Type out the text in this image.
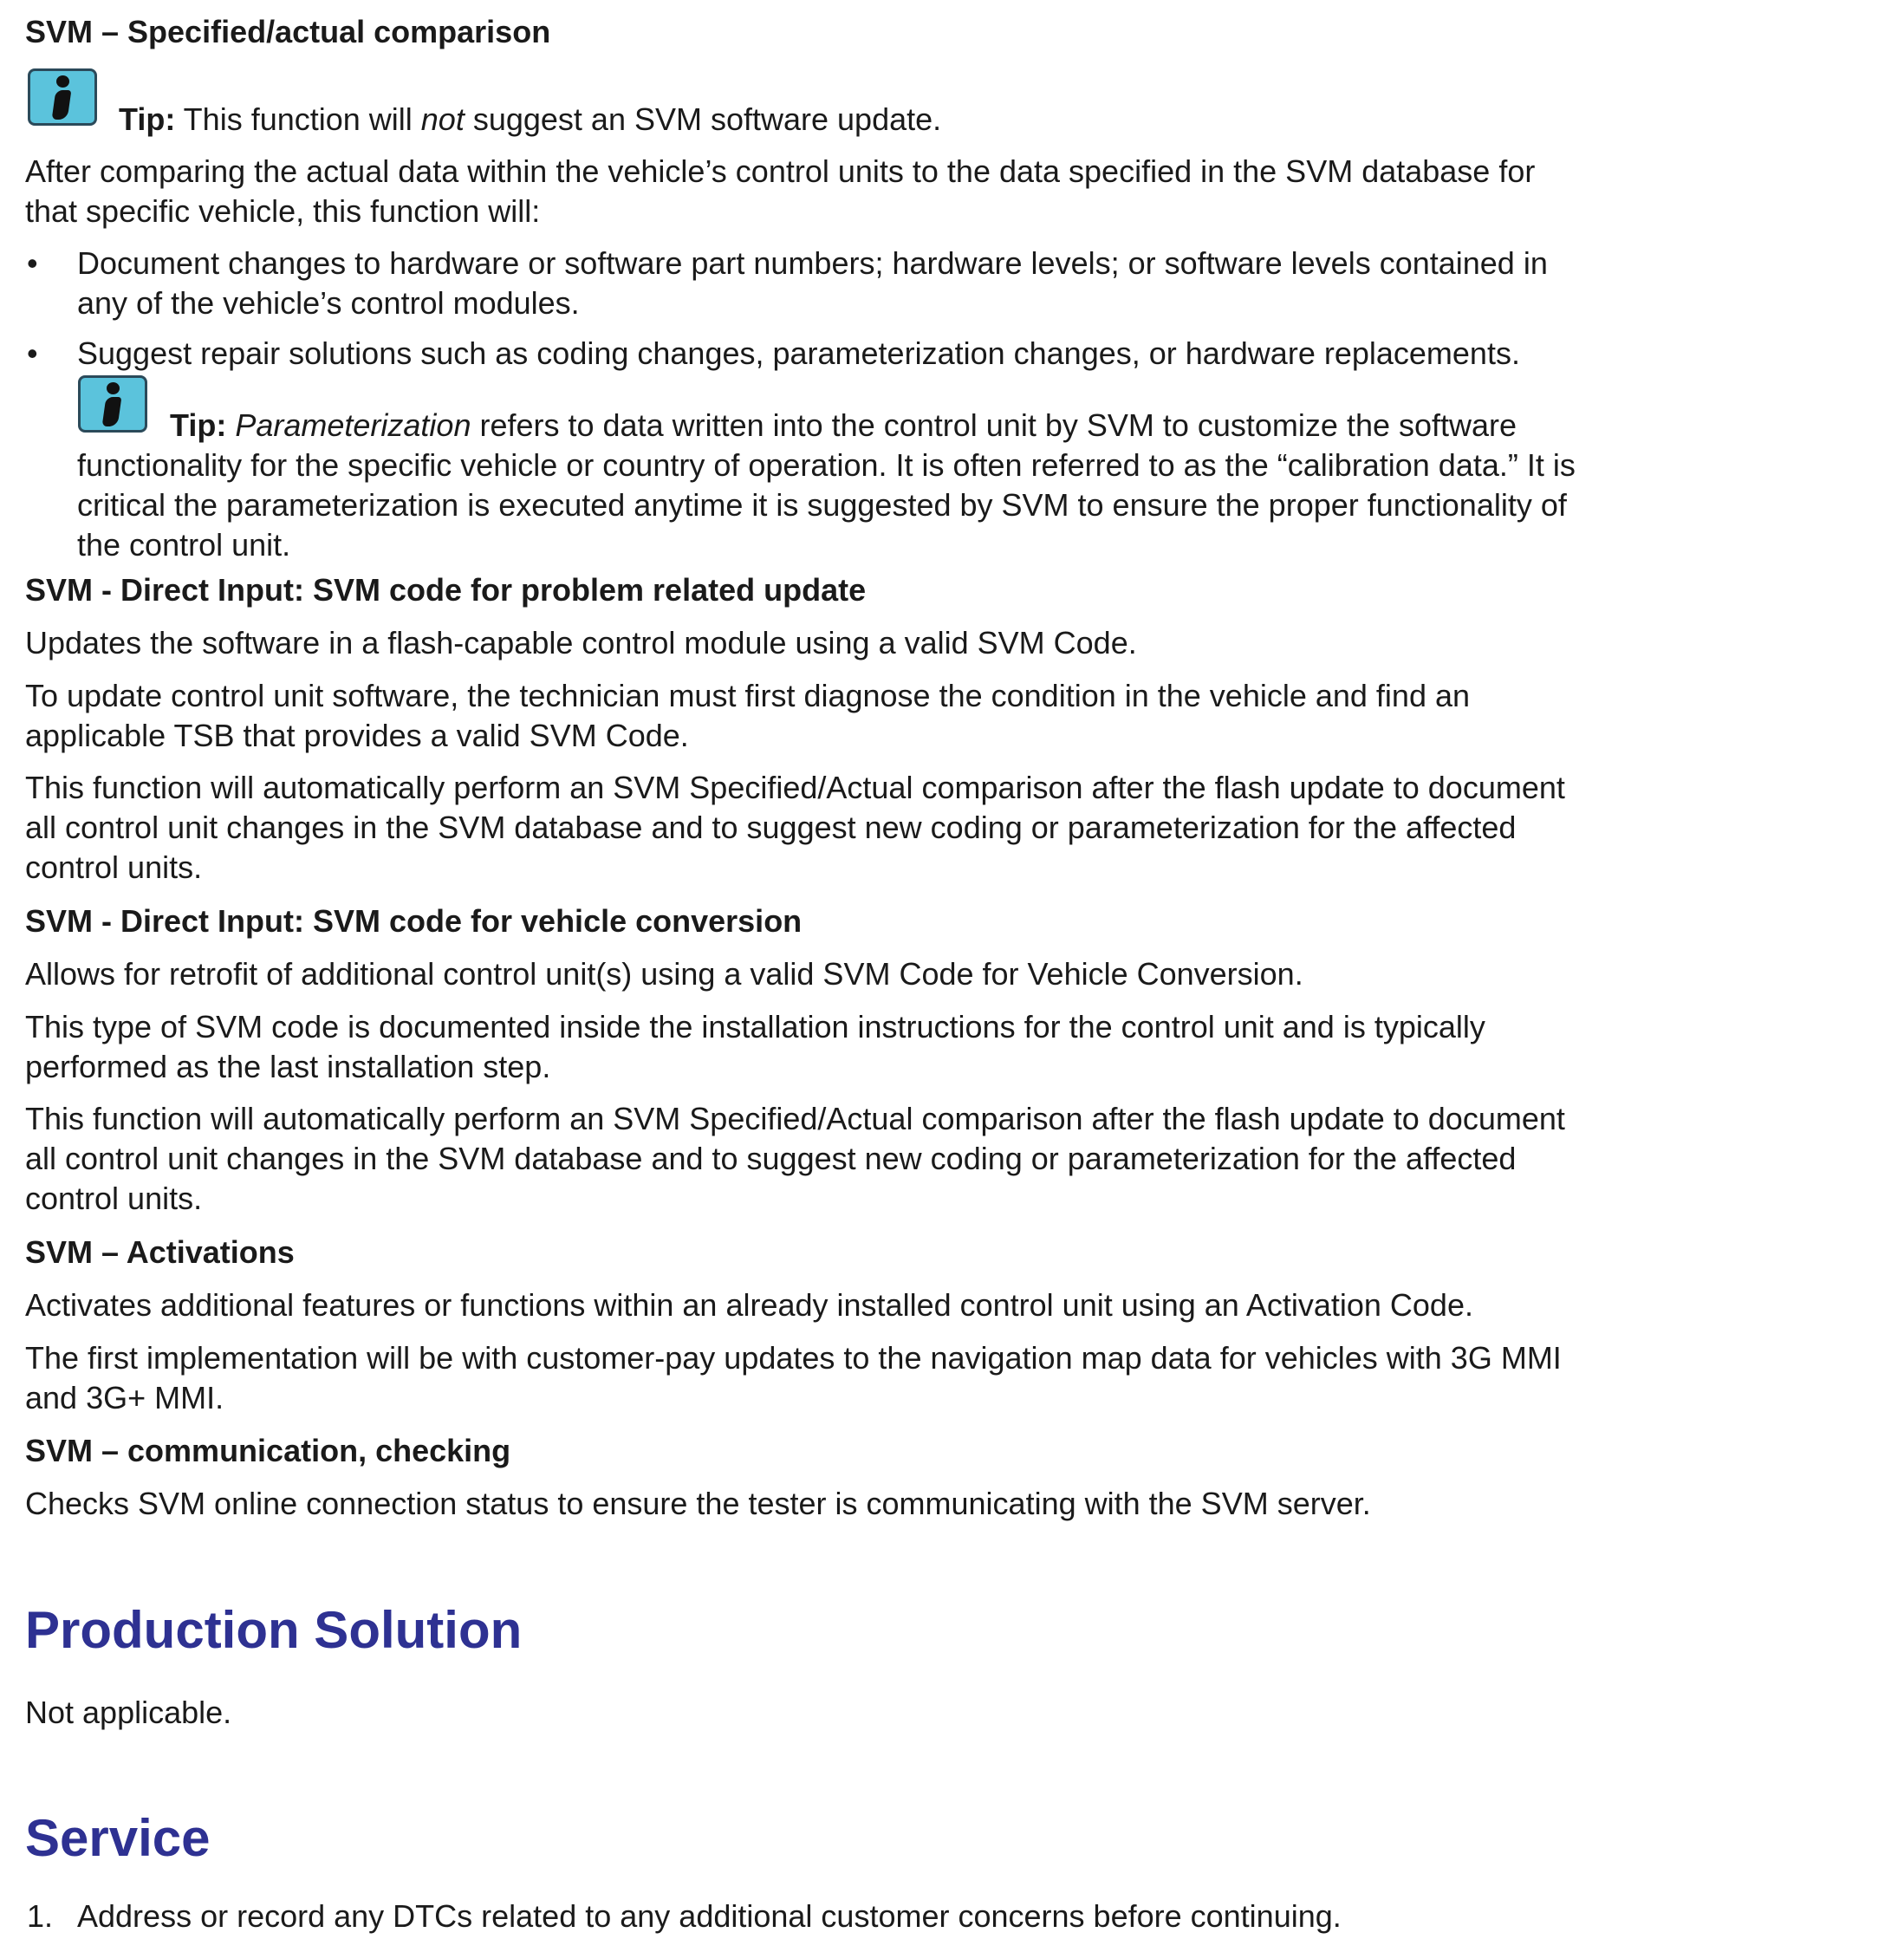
SVM – Specified/actual comparison
Tip: This function will not suggest an SVM software update.
After comparing the actual data within the vehicle’s control units to the data specified in the SVM database for
that specific vehicle, this function will:
• Document changes to hardware or software part numbers; hardware levels; or software levels contained in
any of the vehicle’s control modules.
• Suggest repair solutions such as coding changes, parameterization changes, or hardware replacements.
Tip: Parameterization refers to data written into the control unit by SVM to customize the software
functionality for the specific vehicle or country of operation. It is often referred to as the “calibration data.” It is
critical the parameterization is executed anytime it is suggested by SVM to ensure the proper functionality of
the control unit.
SVM - Direct Input: SVM code for problem related update
Updates the software in a flash-capable control module using a valid SVM Code.
To update control unit software, the technician must first diagnose the condition in the vehicle and find an
applicable TSB that provides a valid SVM Code.
This function will automatically perform an SVM Specified/Actual comparison after the flash update to document
all control unit changes in the SVM database and to suggest new coding or parameterization for the affected
control units.
SVM - Direct Input: SVM code for vehicle conversion
Allows for retrofit of additional control unit(s) using a valid SVM Code for Vehicle Conversion.
This type of SVM code is documented inside the installation instructions for the control unit and is typically
performed as the last installation step.
This function will automatically perform an SVM Specified/Actual comparison after the flash update to document
all control unit changes in the SVM database and to suggest new coding or parameterization for the affected
control units.
SVM – Activations
Activates additional features or functions within an already installed control unit using an Activation Code.
The first implementation will be with customer-pay updates to the navigation map data for vehicles with 3G MMI
and 3G+ MMI.
SVM – communication, checking
Checks SVM online connection status to ensure the tester is communicating with the SVM server.
Production Solution
Not applicable.
Service
1. Address or record any DTCs related to any additional customer concerns before continuing.
